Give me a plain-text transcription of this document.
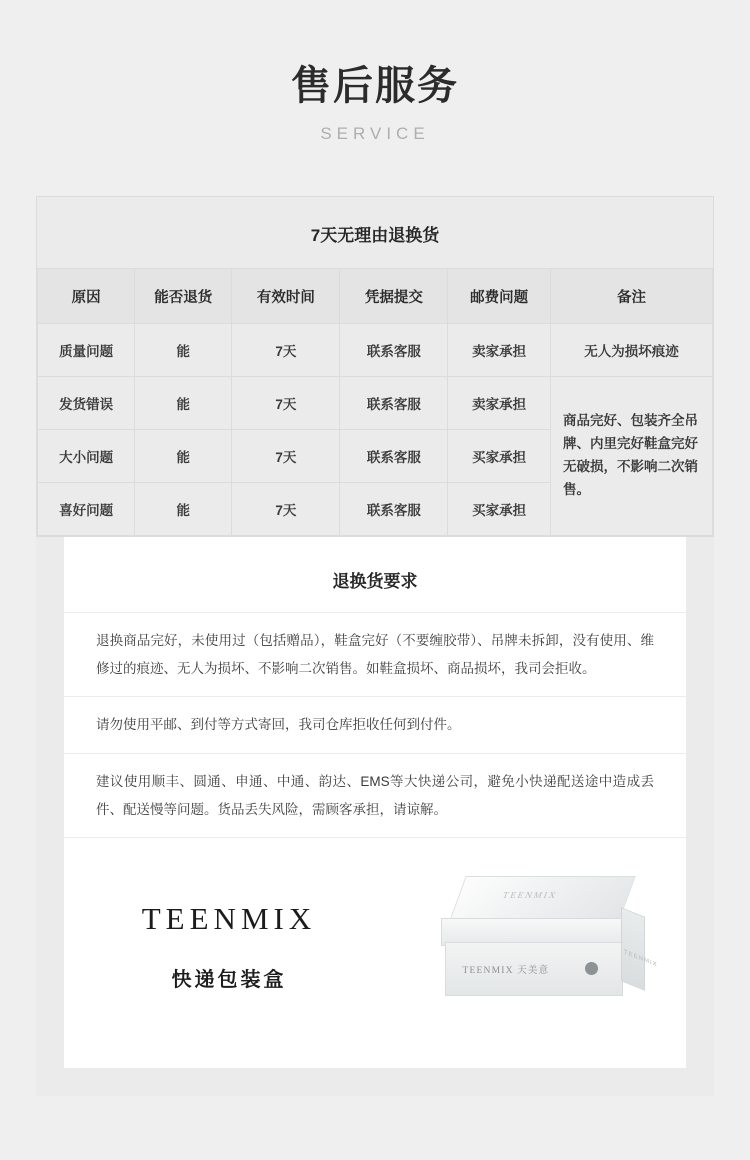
售后服务
SERVICE
7天无理由退换货
原因	能否退货	有效时间	凭据提交	邮费问题	备注
质量问题	能	7天	联系客服	卖家承担	无人为损坏痕迹
发货错误	能	7天	联系客服	卖家承担	商品完好、包装齐全吊牌、内里完好鞋盒完好无破损，不影响二次销售。
大小问题	能	7天	联系客服	买家承担	
喜好问题	能	7天	联系客服	买家承担	
退换货要求
退换商品完好，未使用过（包括赠品），鞋盒完好（不要缠胶带）、吊牌未拆卸，没有使用、维修过的痕迹、无人为损坏、不影响二次销售。如鞋盒损坏、商品损坏，我司会拒收。
请勿使用平邮、到付等方式寄回，我司仓库拒收任何到付件。
建议使用顺丰、圆通、申通、中通、韵达、EMS等大快递公司，避免小快递配送途中造成丢件、配送慢等问题。货品丢失风险，需顾客承担，请谅解。
TEENMIX
快递包装盒
TEENMIX
TEENMIX
TEENMIX 天美意
